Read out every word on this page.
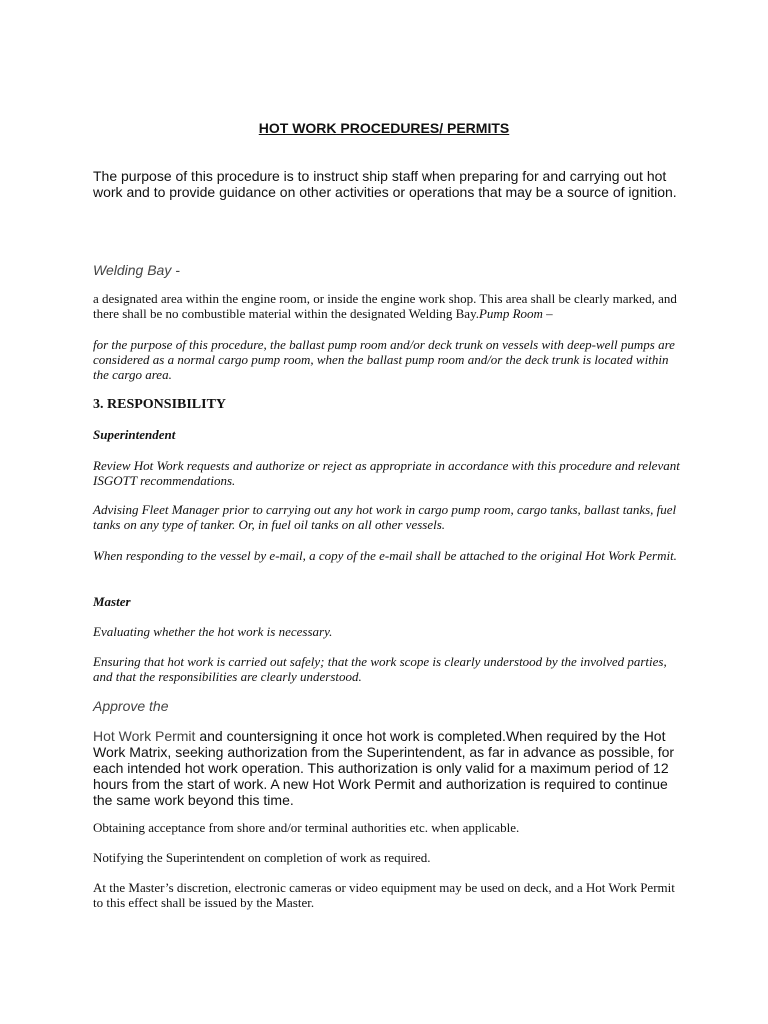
HOT WORK PROCEDURES/ PERMITS

The purpose of this procedure is to instruct ship staff when preparing for and carrying out hot work and to provide guidance on other activities or operations that may be a source of ignition.

Welding Bay -

a designated area within the engine room, or inside the engine work shop. This area shall be clearly marked, and there shall be no combustible material within the designated Welding Bay.Pump Room –

for the purpose of this procedure, the ballast pump room and/or deck trunk on vessels with deep-well pumps are considered as a normal cargo pump room, when the ballast pump room and/or the deck trunk is located within the cargo area.

3. RESPONSIBILITY

Superintendent

Review Hot Work requests and authorize or reject as appropriate in accordance with this procedure and relevant ISGOTT recommendations.

Advising Fleet Manager prior to carrying out any hot work in cargo pump room, cargo tanks, ballast tanks, fuel tanks on any type of tanker. Or, in fuel oil tanks on all other vessels.

When responding to the vessel by e-mail, a copy of the e-mail shall be attached to the original Hot Work Permit.

Master

Evaluating whether the hot work is necessary.

Ensuring that hot work is carried out safely; that the work scope is clearly understood by the involved parties, and that the responsibilities are clearly understood.

Approve the

Hot Work Permit and countersigning it once hot work is completed.When required by the Hot Work Matrix, seeking authorization from the Superintendent, as far in advance as possible, for each intended hot work operation. This authorization is only valid for a maximum period of 12 hours from the start of work. A new Hot Work Permit and authorization is required to continue the same work beyond this time.

Obtaining acceptance from shore and/or terminal authorities etc. when applicable.

Notifying the Superintendent on completion of work as required.

At the Master’s discretion, electronic cameras or video equipment may be used on deck, and a Hot Work Permit to this effect shall be issued by the Master.
